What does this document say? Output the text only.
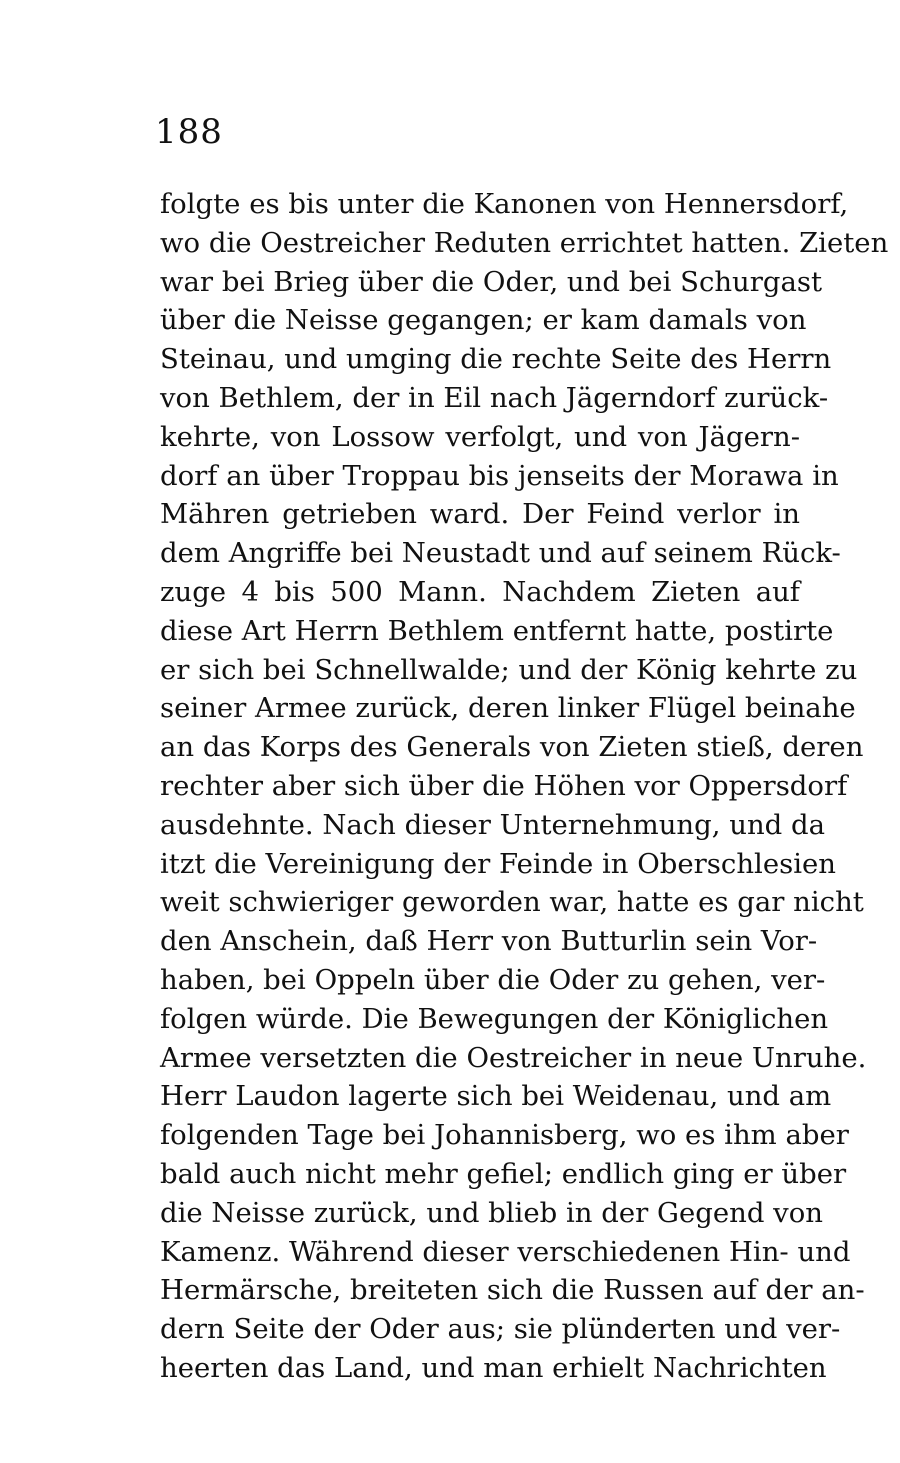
188
folgte es bis unter die Kanonen von Hennersdorf,
wo die Oestreicher Reduten errichtet hatten. Zieten
war bei Brieg über die Oder, und bei Schurgast
über die Neisse gegangen; er kam damals von
Steinau, und umging die rechte Seite des Herrn
von Bethlem, der in Eil nach Jägerndorf zurück-
kehrte, von Lossow verfolgt, und von Jägern-
dorf an über Troppau bis jenseits der Morawa in
Mähren getrieben ward. Der Feind verlor in
dem Angriffe bei Neustadt und auf seinem Rück-
zuge 4 bis 500 Mann. Nachdem Zieten auf
diese Art Herrn Bethlem entfernt hatte, postirte
er sich bei Schnellwalde; und der König kehrte zu
seiner Armee zurück, deren linker Flügel beinahe
an das Korps des Generals von Zieten stieß, deren
rechter aber sich über die Höhen vor Oppersdorf
ausdehnte. Nach dieser Unternehmung, und da
itzt die Vereinigung der Feinde in Oberschlesien
weit schwieriger geworden war, hatte es gar nicht
den Anschein, daß Herr von Butturlin sein Vor-
haben, bei Oppeln über die Oder zu gehen, ver-
folgen würde. Die Bewegungen der Königlichen
Armee versetzten die Oestreicher in neue Unruhe.
Herr Laudon lagerte sich bei Weidenau, und am
folgenden Tage bei Johannisberg, wo es ihm aber
bald auch nicht mehr gefiel; endlich ging er über
die Neisse zurück, und blieb in der Gegend von
Kamenz. Während dieser verschiedenen Hin- und
Hermärsche, breiteten sich die Russen auf der an-
dern Seite der Oder aus; sie plünderten und ver-
heerten das Land, und man erhielt Nachrichten
